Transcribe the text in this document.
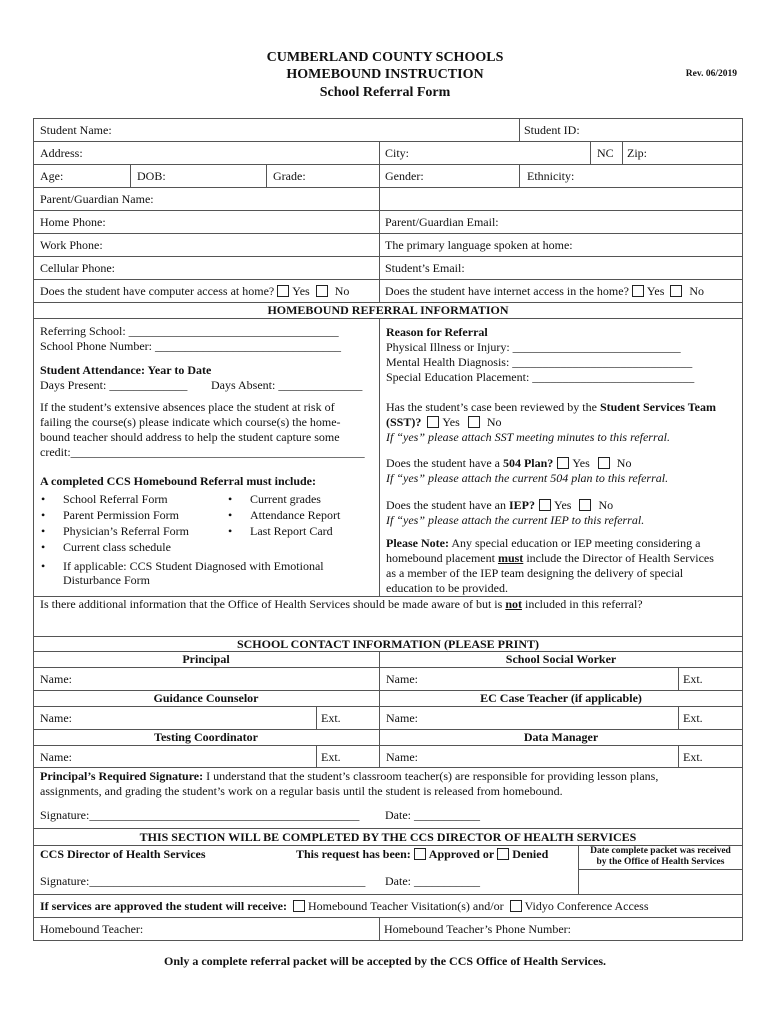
CUMBERLAND COUNTY SCHOOLS
HOMEBOUND INSTRUCTION
School Referral Form
Rev. 06/2019
Student Name:	Student ID:
Address:	City:	NC Zip:
Age:	DOB:	Grade:	Gender:	Ethnicity:
Parent/Guardian Name:
Home Phone:	Parent/Guardian Email:
Work Phone:	The primary language spoken at home:
Cellular Phone:	Student’s Email:
Does the student have computer access at home? Yes No	Does the student have internet access in the home? Yes No
HOMEBOUND REFERRAL INFORMATION
Referring School: ___________________________________
School Phone Number: _______________________________
Student Attendance: Year to Date
Days Present: _____________ Days Absent: ______________
If the student’s extensive absences place the student at risk of
failing the course(s) please indicate which course(s) the home-
bound teacher should address to help the student capture some
credit:_________________________________________________
A completed CCS Homebound Referral must include:
• School Referral Form
• Parent Permission Form
• Physician’s Referral Form
• Current class schedule
• Current grades
• Attendance Report
• Last Report Card
• If applicable: CCS Student Diagnosed with Emotional
Disturbance Form
Reason for Referral
Physical Illness or Injury: ____________________________
Mental Health Diagnosis: ______________________________
Special Education Placement: ___________________________
Has the student’s case been reviewed by the Student Services Team
(SST)? Yes No
If “yes” please attach SST meeting minutes to this referral.
Does the student have a 504 Plan? Yes No
If “yes” please attach the current 504 plan to this referral.
Does the student have an IEP? Yes No
If “yes” please attach the current IEP to this referral.
Please Note: Any special education or IEP meeting considering a
homebound placement must include the Director of Health Services
as a member of the IEP team designing the delivery of special
education to be provided.
Is there additional information that the Office of Health Services should be made aware of but is not included in this referral?
SCHOOL CONTACT INFORMATION (PLEASE PRINT)
Principal	School Social Worker
Name:	Name:	Ext.
Guidance Counselor	EC Case Teacher (if applicable)
Name:	Ext.	Name:	Ext.
Testing Coordinator	Data Manager
Name:	Ext.	Name:	Ext.
Principal’s Required Signature: I understand that the student’s classroom teacher(s) are responsible for providing lesson plans,
assignments, and grading the student’s work on a regular basis until the student is released from homebound.
Signature:_____________________________________________ Date: ___________
THIS SECTION WILL BE COMPLETED BY THE CCS DIRECTOR OF HEALTH SERVICES
CCS Director of Health Services	This request has been: Approved or Denied	Date complete packet was received
by the Office of Health Services
Signature:______________________________________________ Date: ___________
If services are approved the student will receive: Homebound Teacher Visitation(s) and/or Vidyo Conference Access
Homebound Teacher:	Homebound Teacher’s Phone Number:
Only a complete referral packet will be accepted by the CCS Office of Health Services.
